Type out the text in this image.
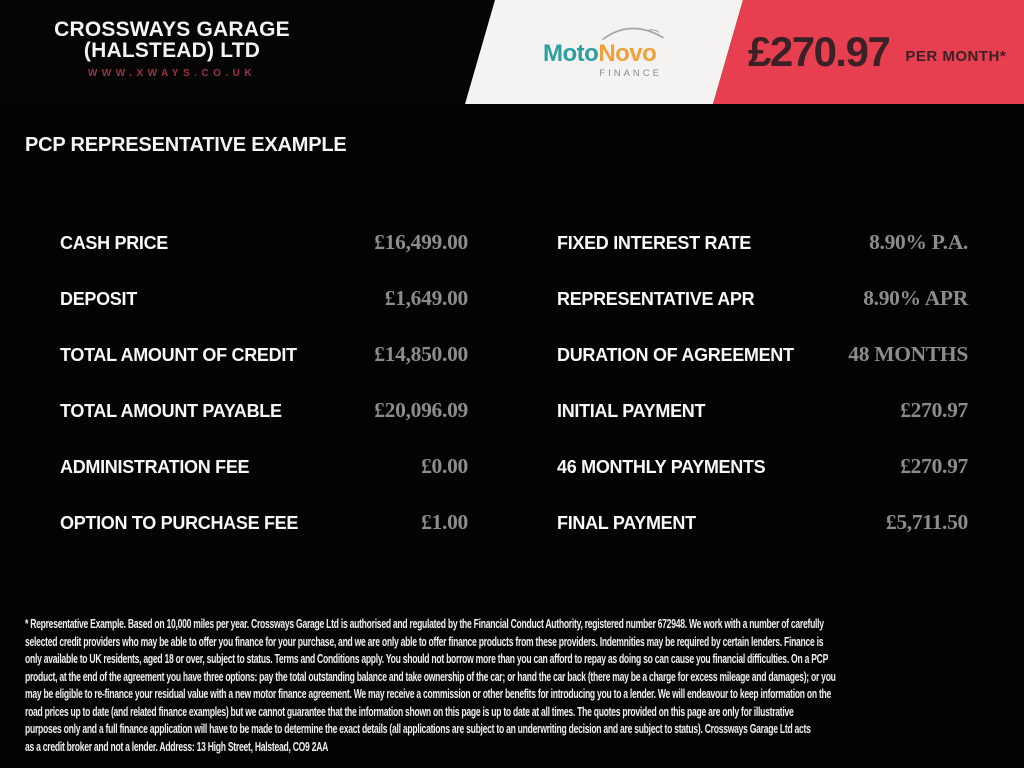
CROSSWAYS GARAGE
(HALSTEAD) LTD
WWW.XWAYS.CO.UK
MotoNovo
FINANCE £270.97 PER MONTH*
PCP REPRESENTATIVE EXAMPLE
CASH PRICE	£16,499.00
DEPOSIT	£1,649.00
TOTAL AMOUNT OF CREDIT	£14,850.00
TOTAL AMOUNT PAYABLE	£20,096.09
ADMINISTRATION FEE	£0.00
OPTION TO PURCHASE FEE	£1.00
FIXED INTEREST RATE	8.90% P.A.
REPRESENTATIVE APR	8.90% APR
DURATION OF AGREEMENT	48 MONTHS
INITIAL PAYMENT	£270.97
46 MONTHLY PAYMENTS	£270.97
FINAL PAYMENT	£5,711.50
* Representative Example. Based on 10,000 miles per year. Crossways Garage Ltd is authorised and regulated by the Financial Conduct Authority, registered number 672948. We work with a number of carefully
selected credit providers who may be able to offer you finance for your purchase, and we are only able to offer finance products from these providers. Indemnities may be required by certain lenders. Finance is
only available to UK residents, aged 18 or over, subject to status. Terms and Conditions apply. You should not borrow more than you can afford to repay as doing so can cause you financial difficulties. On a PCP
product, at the end of the agreement you have three options: pay the total outstanding balance and take ownership of the car; or hand the car back (there may be a charge for excess mileage and damages); or you
may be eligible to re-finance your residual value with a new motor finance agreement. We may receive a commission or other benefits for introducing you to a lender. We will endeavour to keep information on the
road prices up to date (and related finance examples) but we cannot guarantee that the information shown on this page is up to date at all times. The quotes provided on this page are only for illustrative
purposes only and a full finance application will have to be made to determine the exact details (all applications are subject to an underwriting decision and are subject to status). Crossways Garage Ltd acts
as a credit broker and not a lender. Address: 13 High Street, Halstead, CO9 2AA
